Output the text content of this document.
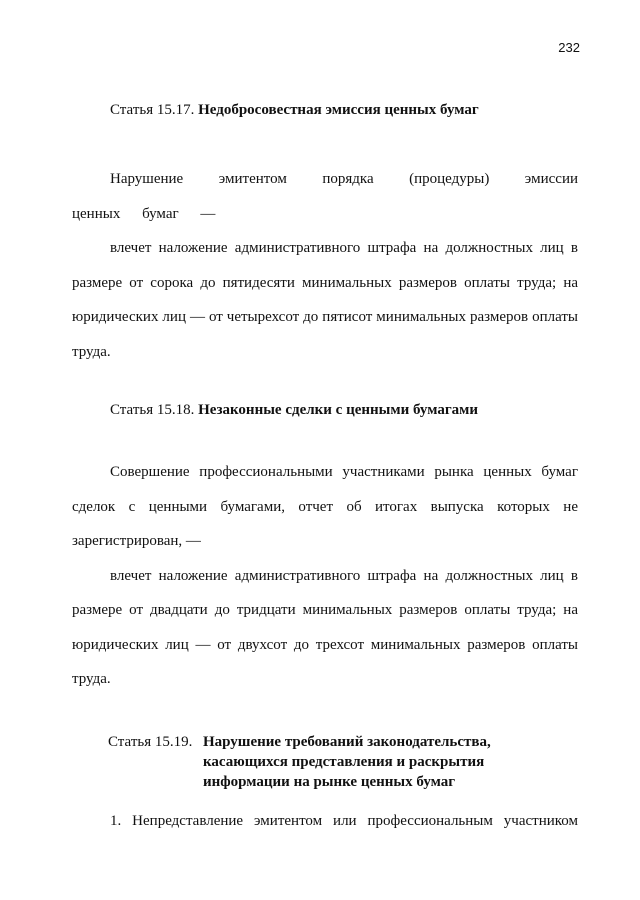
232
Статья 15.17. Недобросовестная эмиссия ценных бумаг

Нарушение эмитентом порядка (процедуры) эмиссии ценных бумаг —

влечет наложение административного штрафа на должностных лиц в размере от сорока до пятидесяти минимальных размеров оплаты труда; на юридических лиц — от четырехсот до пятисот минимальных размеров оплаты труда.

Статья 15.18. Незаконные сделки с ценными бумагами

Совершение профессиональными участниками рынка ценных бумаг сделок с ценными бумагами, отчет об итогах выпуска которых не зарегистрирован, —

влечет наложение административного штрафа на должностных лиц в размере от двадцати до тридцати минимальных размеров оплаты труда; на юридических лиц — от двухсот до трехсот минимальных размеров оплаты труда.

Статья 15.19. Нарушение требований законодательства,
касающихся представления и раскрытия
информации на рынке ценных бумаг

1. Непредставление эмитентом или профессиональным участником
